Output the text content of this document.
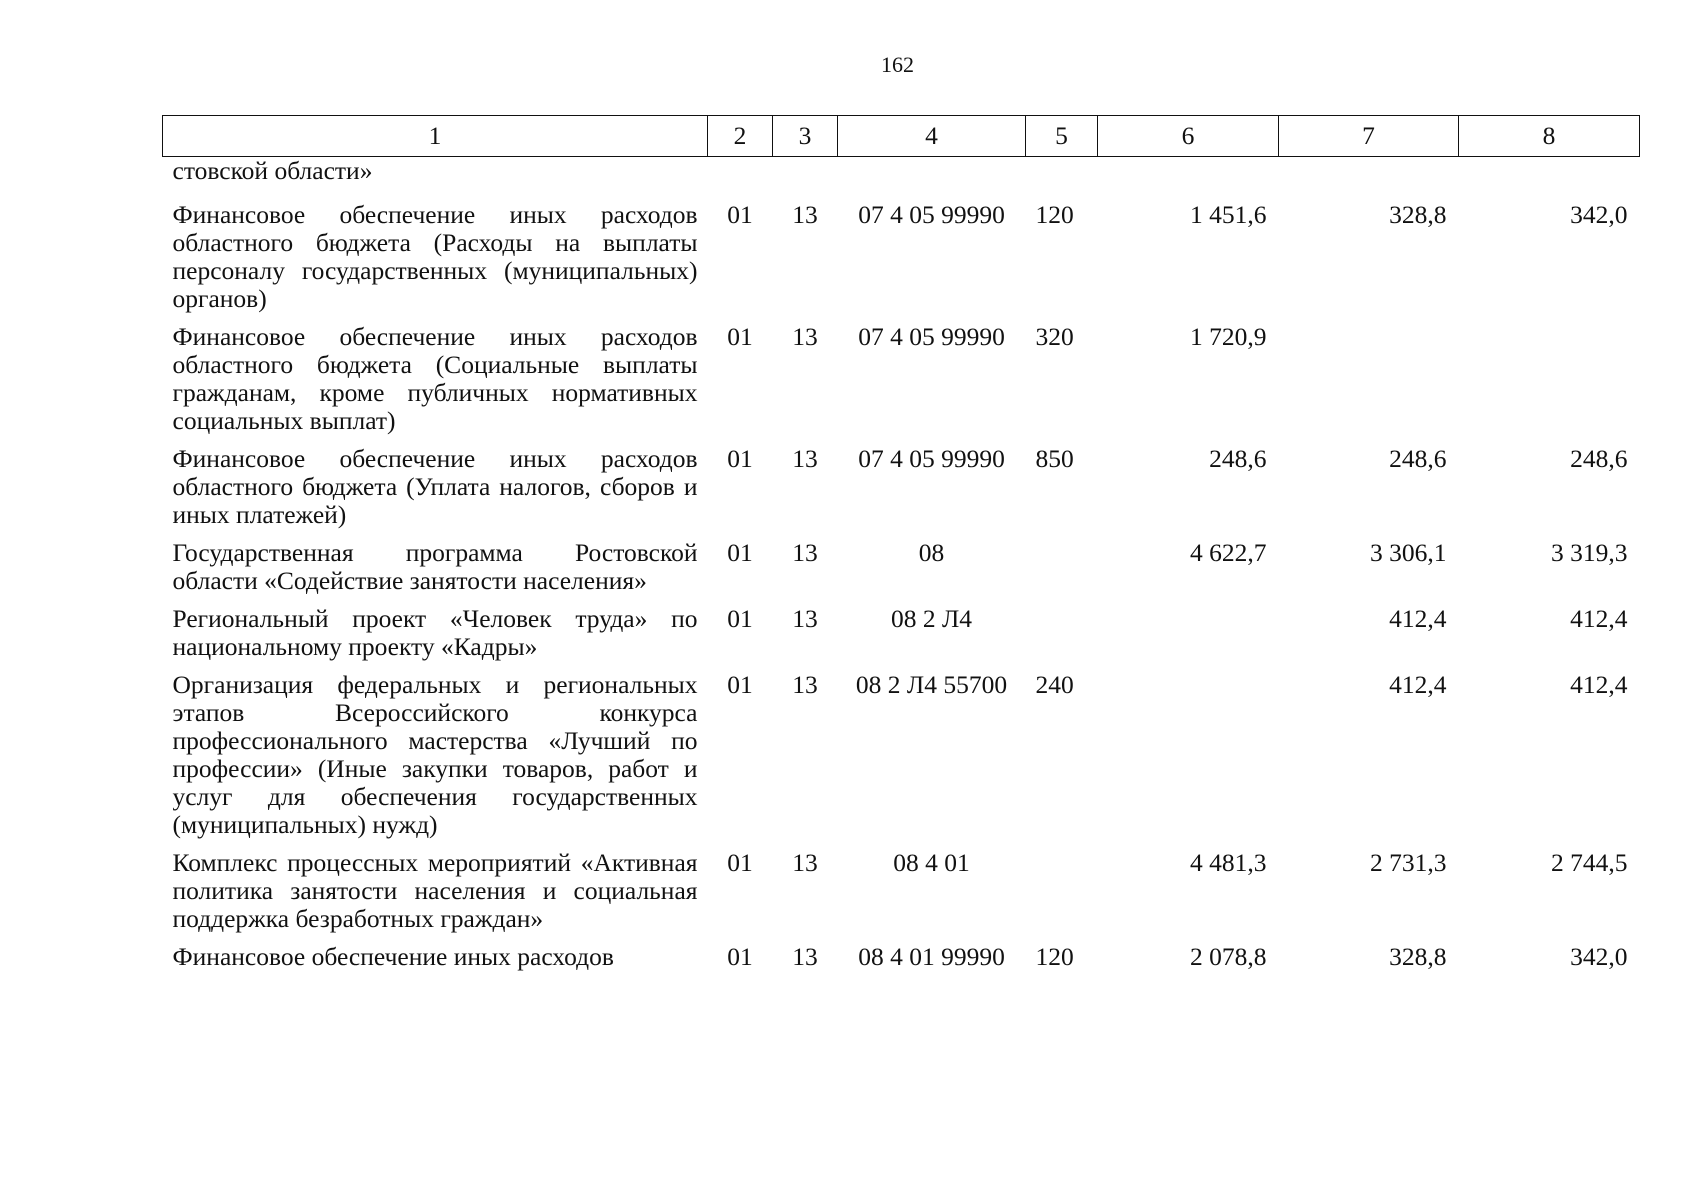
162
1	2	3	4	5	6	7	8
стовской области»							
Финансовое обеспечение иных расходов областного бюджета (Расходы на выплаты персоналу государственных (муниципальных) органов)	01	13	07 4 05 99990	120	1 451,6	328,8	342,0
Финансовое обеспечение иных расходов областного бюджета (Социальные выплаты гражданам, кроме публичных нормативных социальных выплат)	01	13	07 4 05 99990	320	1 720,9		
Финансовое обеспечение иных расходов областного бюджета (Уплата налогов, сборов и иных платежей)	01	13	07 4 05 99990	850	248,6	248,6	248,6
Государственная программа Ростовской области «Содействие занятости населения»	01	13	08		4 622,7	3 306,1	3 319,3
Региональный проект «Человек труда» по национальному проекту «Кадры»	01	13	08 2 Л4			412,4	412,4
Организация федеральных и региональных этапов Всероссийского конкурса профессионального мастерства «Лучший по профессии» (Иные закупки товаров, работ и услуг для обеспечения государственных (муниципальных) нужд)	01	13	08 2 Л4 55700	240		412,4	412,4
Комплекс процессных мероприятий «Активная политика занятости населения и социальная поддержка безработных граждан»	01	13	08 4 01		4 481,3	2 731,3	2 744,5
Финансовое обеспечение иных расходов	01	13	08 4 01 99990	120	2 078,8	328,8	342,0
